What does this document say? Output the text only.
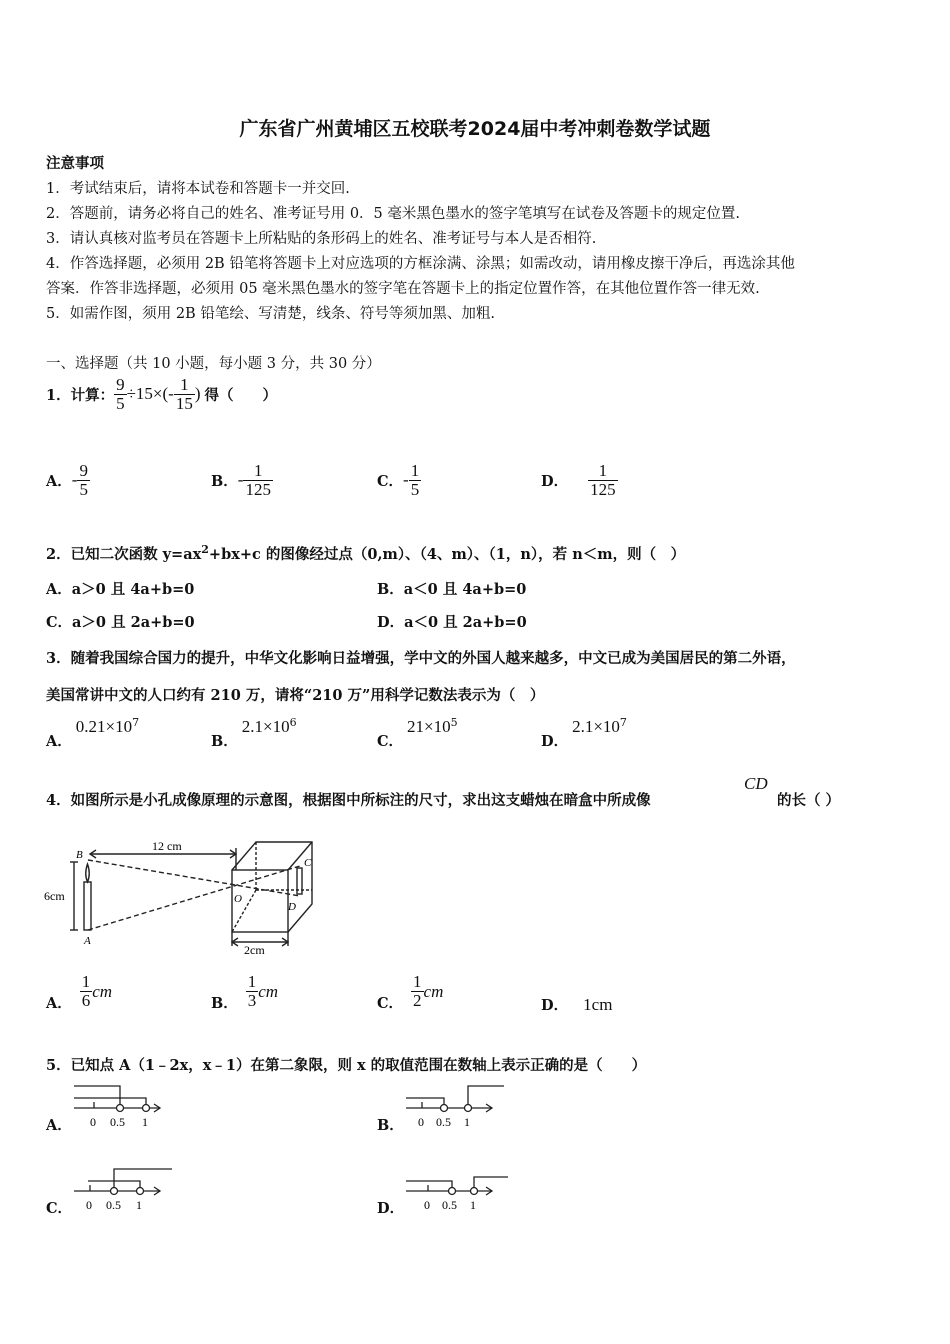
广东省广州黄埔区五校联考2024届中考冲刺卷数学试题
注意事项
1．考试结束后，请将本试卷和答题卡一并交回.
2．答题前，请务必将自己的姓名、准考证号用 0．5 毫米黑色墨水的签字笔填写在试卷及答题卡的规定位置.
3．请认真核对监考员在答题卡上所粘贴的条形码上的姓名、准考证号与本人是否相符.
4．作答选择题，必须用 2B 铅笔将答题卡上对应选项的方框涂满、涂黑；如需改动，请用橡皮擦干净后，再选涂其他
答案．作答非选择题，必须用 05 毫米黑色墨水的签字笔在答题卡上的指定位置作答，在其他位置作答一律无效.
5．如需作图，须用 2B 铅笔绘、写清楚，线条、符号等须加黑、加粗.
一、选择题（共 10 小题，每小题 3 分，共 30 分）
1．计算： $\frac{9}{5} \div 15\times(- \frac{1}{15}$ ) 得（　　）
A． - $\frac{9}{5}$	B． - $\frac{1}{125}$	C． - $\frac{1}{5}$	D． $\frac{1}{125}$
2．已知二次函数 $y=ax^2+bx+c$ 的图像经过点（0,m）、（4、m）、（1，n），若 n＜m，则（　）
A．a＞0 且 4a+b=0	B．a＜0 且 4a+b=0
C．a＞0 且 2a+b=0	D．a＜0 且 2a+b=0
3．随着我国综合国力的提升，中华文化影响日益增强，学中文的外国人越来越多，中文已成为美国居民的第二外语，
美国常讲中文的人口约有 210 万，请将“210 万”用科学记数法表示为（　）
A．$0.21\times 10^7$
B．$2.1\times 10^6$
C．$21\times 10^5$
D．$2.1\times 10^7$
4．如图所示是小孔成像原理的示意图，根据图中所标注的尺寸，求出这支蜡烛在暗盒中所成像
CD
的长（ ）
12 cm
6cm
2cm
B
A
O
D
C
A． $\frac{1}{6}$ cm
B． $\frac{1}{3}$ cm
C． $\frac{1}{2}$ cm
D． 1cm
5．已知点 A（1﹣2x，x﹣1）在第二象限，则 x 的取值范围在数轴上表示正确的是（　　）
A． 0 0.5 1	B． 0 0.5 1
C． 0 0.5 1	D． 0 0.5 1
